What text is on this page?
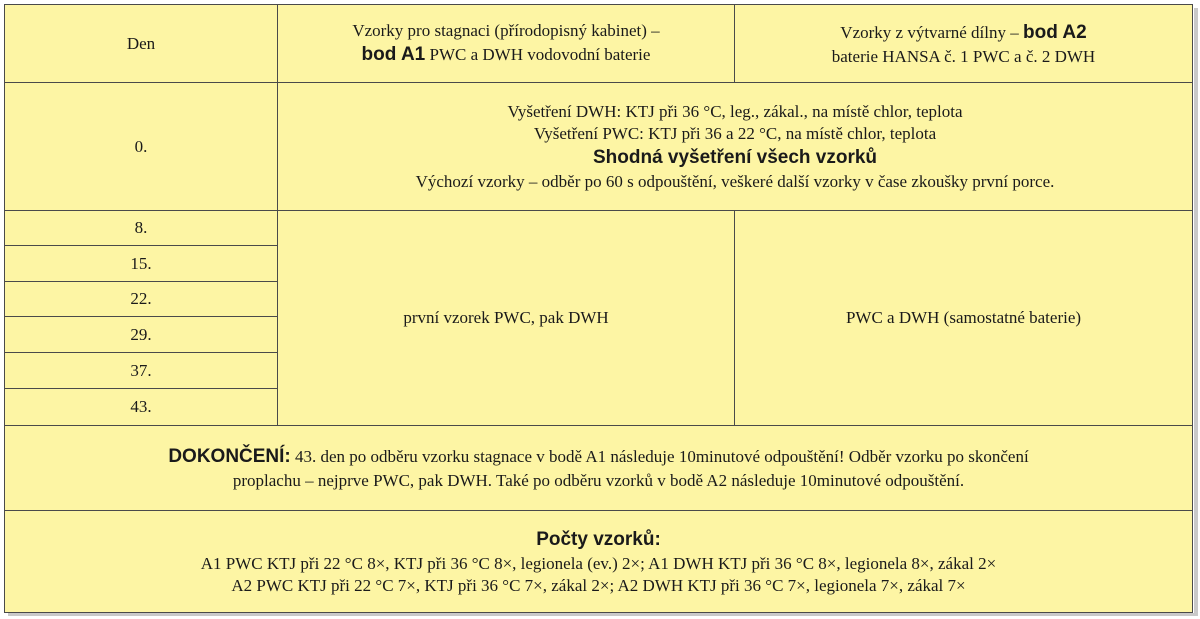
Den
Vzorky pro stagnaci (přírodopisný kabinet) –
bod A1 PWC a DWH vodovodní baterie
Vzorky z výtvarné dílny – bod A2
baterie HANSA č. 1 PWC a č. 2 DWH
0.
Vyšetření DWH: KTJ při 36 °C, leg., zákal., na místě chlor, teplota
Vyšetření PWC: KTJ při 36 a 22 °C, na místě chlor, teplota
Shodná vyšetření všech vzorků
Výchozí vzorky – odběr po 60 s odpouštění, veškeré další vzorky v čase zkoušky první porce.
8.
15.
22.
29.
37.
43.
první vzorek PWC, pak DWH	PWC a DWH (samostatné baterie)
DOKONČENÍ: 43. den po odběru vzorku stagnace v bodě A1 následuje 10minutové odpouštění! Odběr vzorku po skončení
proplachu – nejprve PWC, pak DWH. Také po odběru vzorků v bodě A2 následuje 10minutové odpouštění.
Počty vzorků:
A1 PWC KTJ při 22 °C 8×, KTJ při 36 °C 8×, legionela (ev.) 2×; A1 DWH KTJ při 36 °C 8×, legionela 8×, zákal 2×
A2 PWC KTJ při 22 °C 7×, KTJ při 36 °C 7×, zákal 2×; A2 DWH KTJ při 36 °C 7×, legionela 7×, zákal 7×
